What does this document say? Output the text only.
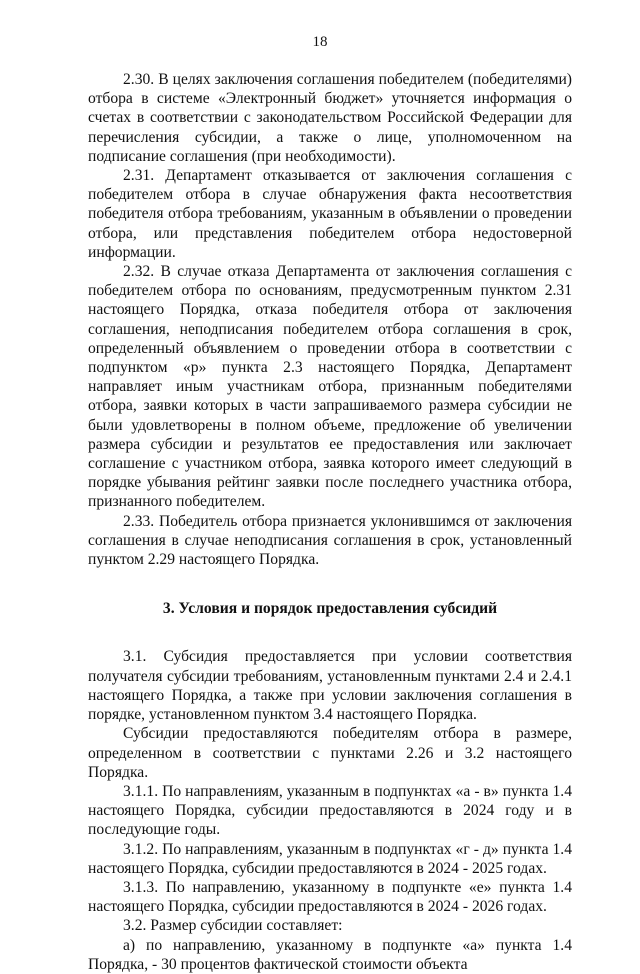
18

2.30. В целях заключения соглашения победителем (победителями) отбора в системе «Электронный бюджет» уточняется информация о счетах в соответствии с законодательством Российской Федерации для перечисления субсидии, а также о лице, уполномоченном на подписание соглашения (при необходимости).

2.31. Департамент отказывается от заключения соглашения с победителем отбора в случае обнаружения факта несоответствия победителя отбора требованиям, указанным в объявлении о проведении отбора, или представления победителем отбора недостоверной информации.

2.32. В случае отказа Департамента от заключения соглашения с победителем отбора по основаниям, предусмотренным пунктом 2.31 настоящего Порядка, отказа победителя отбора от заключения соглашения, неподписания победителем отбора соглашения в срок, определенный объявлением о проведении отбора в соответствии с подпунктом «р» пункта 2.3 настоящего Порядка, Департамент направляет иным участникам отбора, признанным победителями отбора, заявки которых в части запрашиваемого размера субсидии не были удовлетворены в полном объеме, предложение об увеличении размера субсидии и результатов ее предоставления или заключает соглашение с участником отбора, заявка которого имеет следующий в порядке убывания рейтинг заявки после последнего участника отбора, признанного победителем.

2.33. Победитель отбора признается уклонившимся от заключения соглашения в случае неподписания соглашения в срок, установленный пунктом 2.29 настоящего Порядка.

3. Условия и порядок предоставления субсидий

3.1. Субсидия предоставляется при условии соответствия получателя субсидии требованиям, установленным пунктами 2.4 и 2.4.1 настоящего Порядка, а также при условии заключения соглашения в порядке, установленном пунктом 3.4 настоящего Порядка.

Субсидии предоставляются победителям отбора в размере, определенном в соответствии с пунктами 2.26 и 3.2 настоящего Порядка.

3.1.1. По направлениям, указанным в подпунктах «а - в» пункта 1.4 настоящего Порядка, субсидии предоставляются в 2024 году и в последующие годы.

3.1.2. По направлениям, указанным в подпунктах «г - д» пункта 1.4 настоящего Порядка, субсидии предоставляются в 2024 - 2025 годах.

3.1.3. По направлению, указанному в подпункте «е» пункта 1.4 настоящего Порядка, субсидии предоставляются в 2024 - 2026 годах.

3.2. Размер субсидии составляет:

а) по направлению, указанному в подпункте «а» пункта 1.4 Порядка, - 30 процентов фактической стоимости объекта
